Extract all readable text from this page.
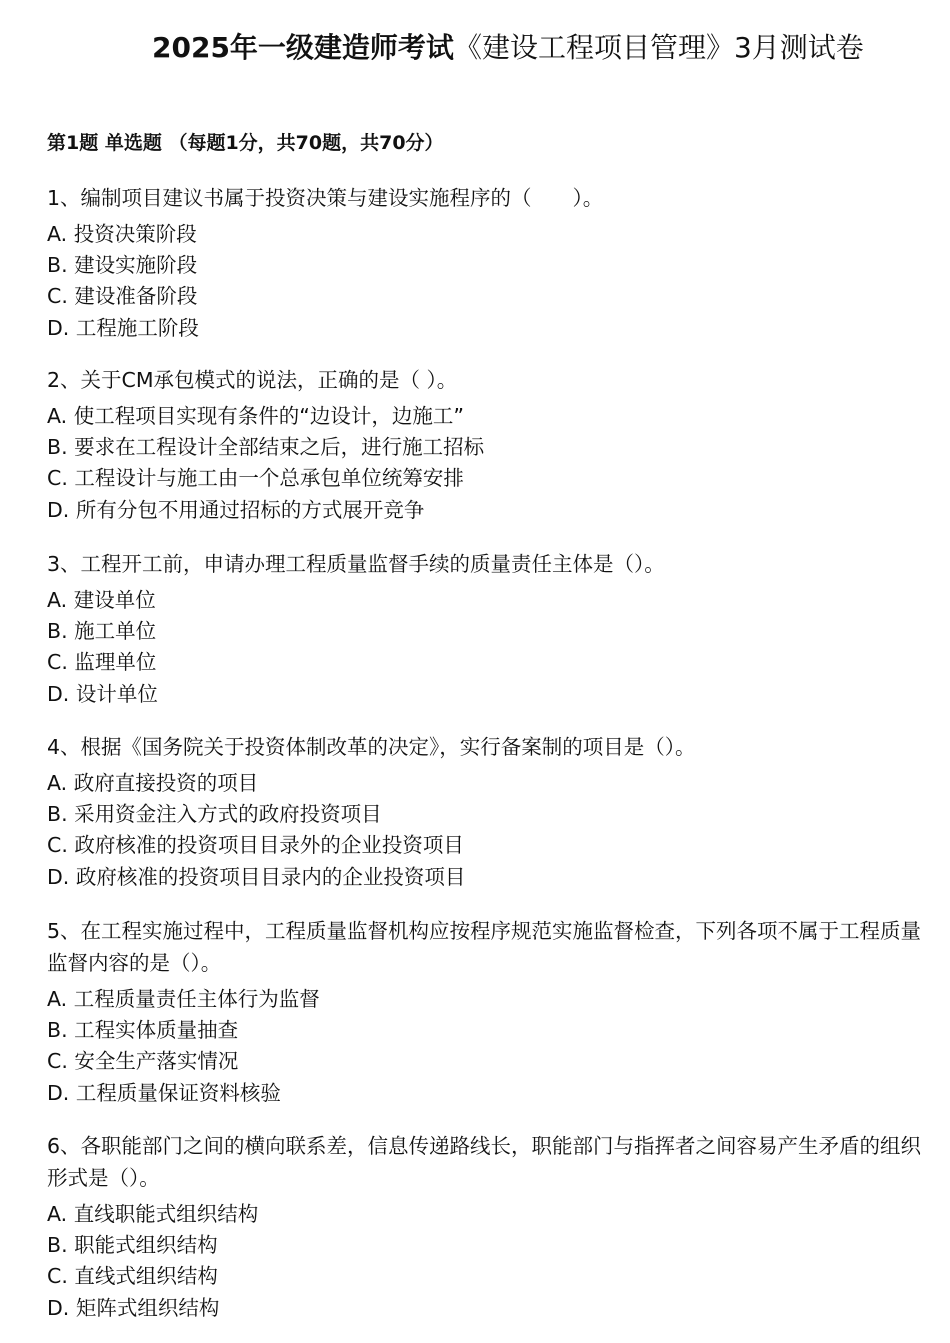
2025年一级建造师考试《建设工程项目管理》3月测试卷
第1题 单选题 （每题1分，共70题，共70分）

1、编制项目建议书属于投资决策与建设实施程序的（　　）。

A. 投资决策阶段
B. 建设实施阶段
C. 建设准备阶段
D. 工程施工阶段

2、关于CM承包模式的说法，正确的是（ ）。

A. 使工程项目实现有条件的“边设计，边施工”
B. 要求在工程设计全部结束之后，进行施工招标
C. 工程设计与施工由一个总承包单位统筹安排
D. 所有分包不用通过招标的方式展开竞争

3、工程开工前，申请办理工程质量监督手续的质量责任主体是（）。

A. 建设单位
B. 施工单位
C. 监理单位
D. 设计单位

4、根据《国务院关于投资体制改革的决定》，实行备案制的项目是（）。

A. 政府直接投资的项目
B. 采用资金注入方式的政府投资项目
C. 政府核准的投资项目目录外的企业投资项目
D. 政府核准的投资项目目录内的企业投资项目

5、在工程实施过程中，工程质量监督机构应按程序规范实施监督检查，下列各项不属于工程质量监督内容的是（）。

A. 工程质量责任主体行为监督
B. 工程实体质量抽查
C. 安全生产落实情况
D. 工程质量保证资料核验

6、各职能部门之间的横向联系差，信息传递路线长，职能部门与指挥者之间容易产生矛盾的组织形式是（）。

A. 直线职能式组织结构
B. 职能式组织结构
C. 直线式组织结构
D. 矩阵式组织结构
